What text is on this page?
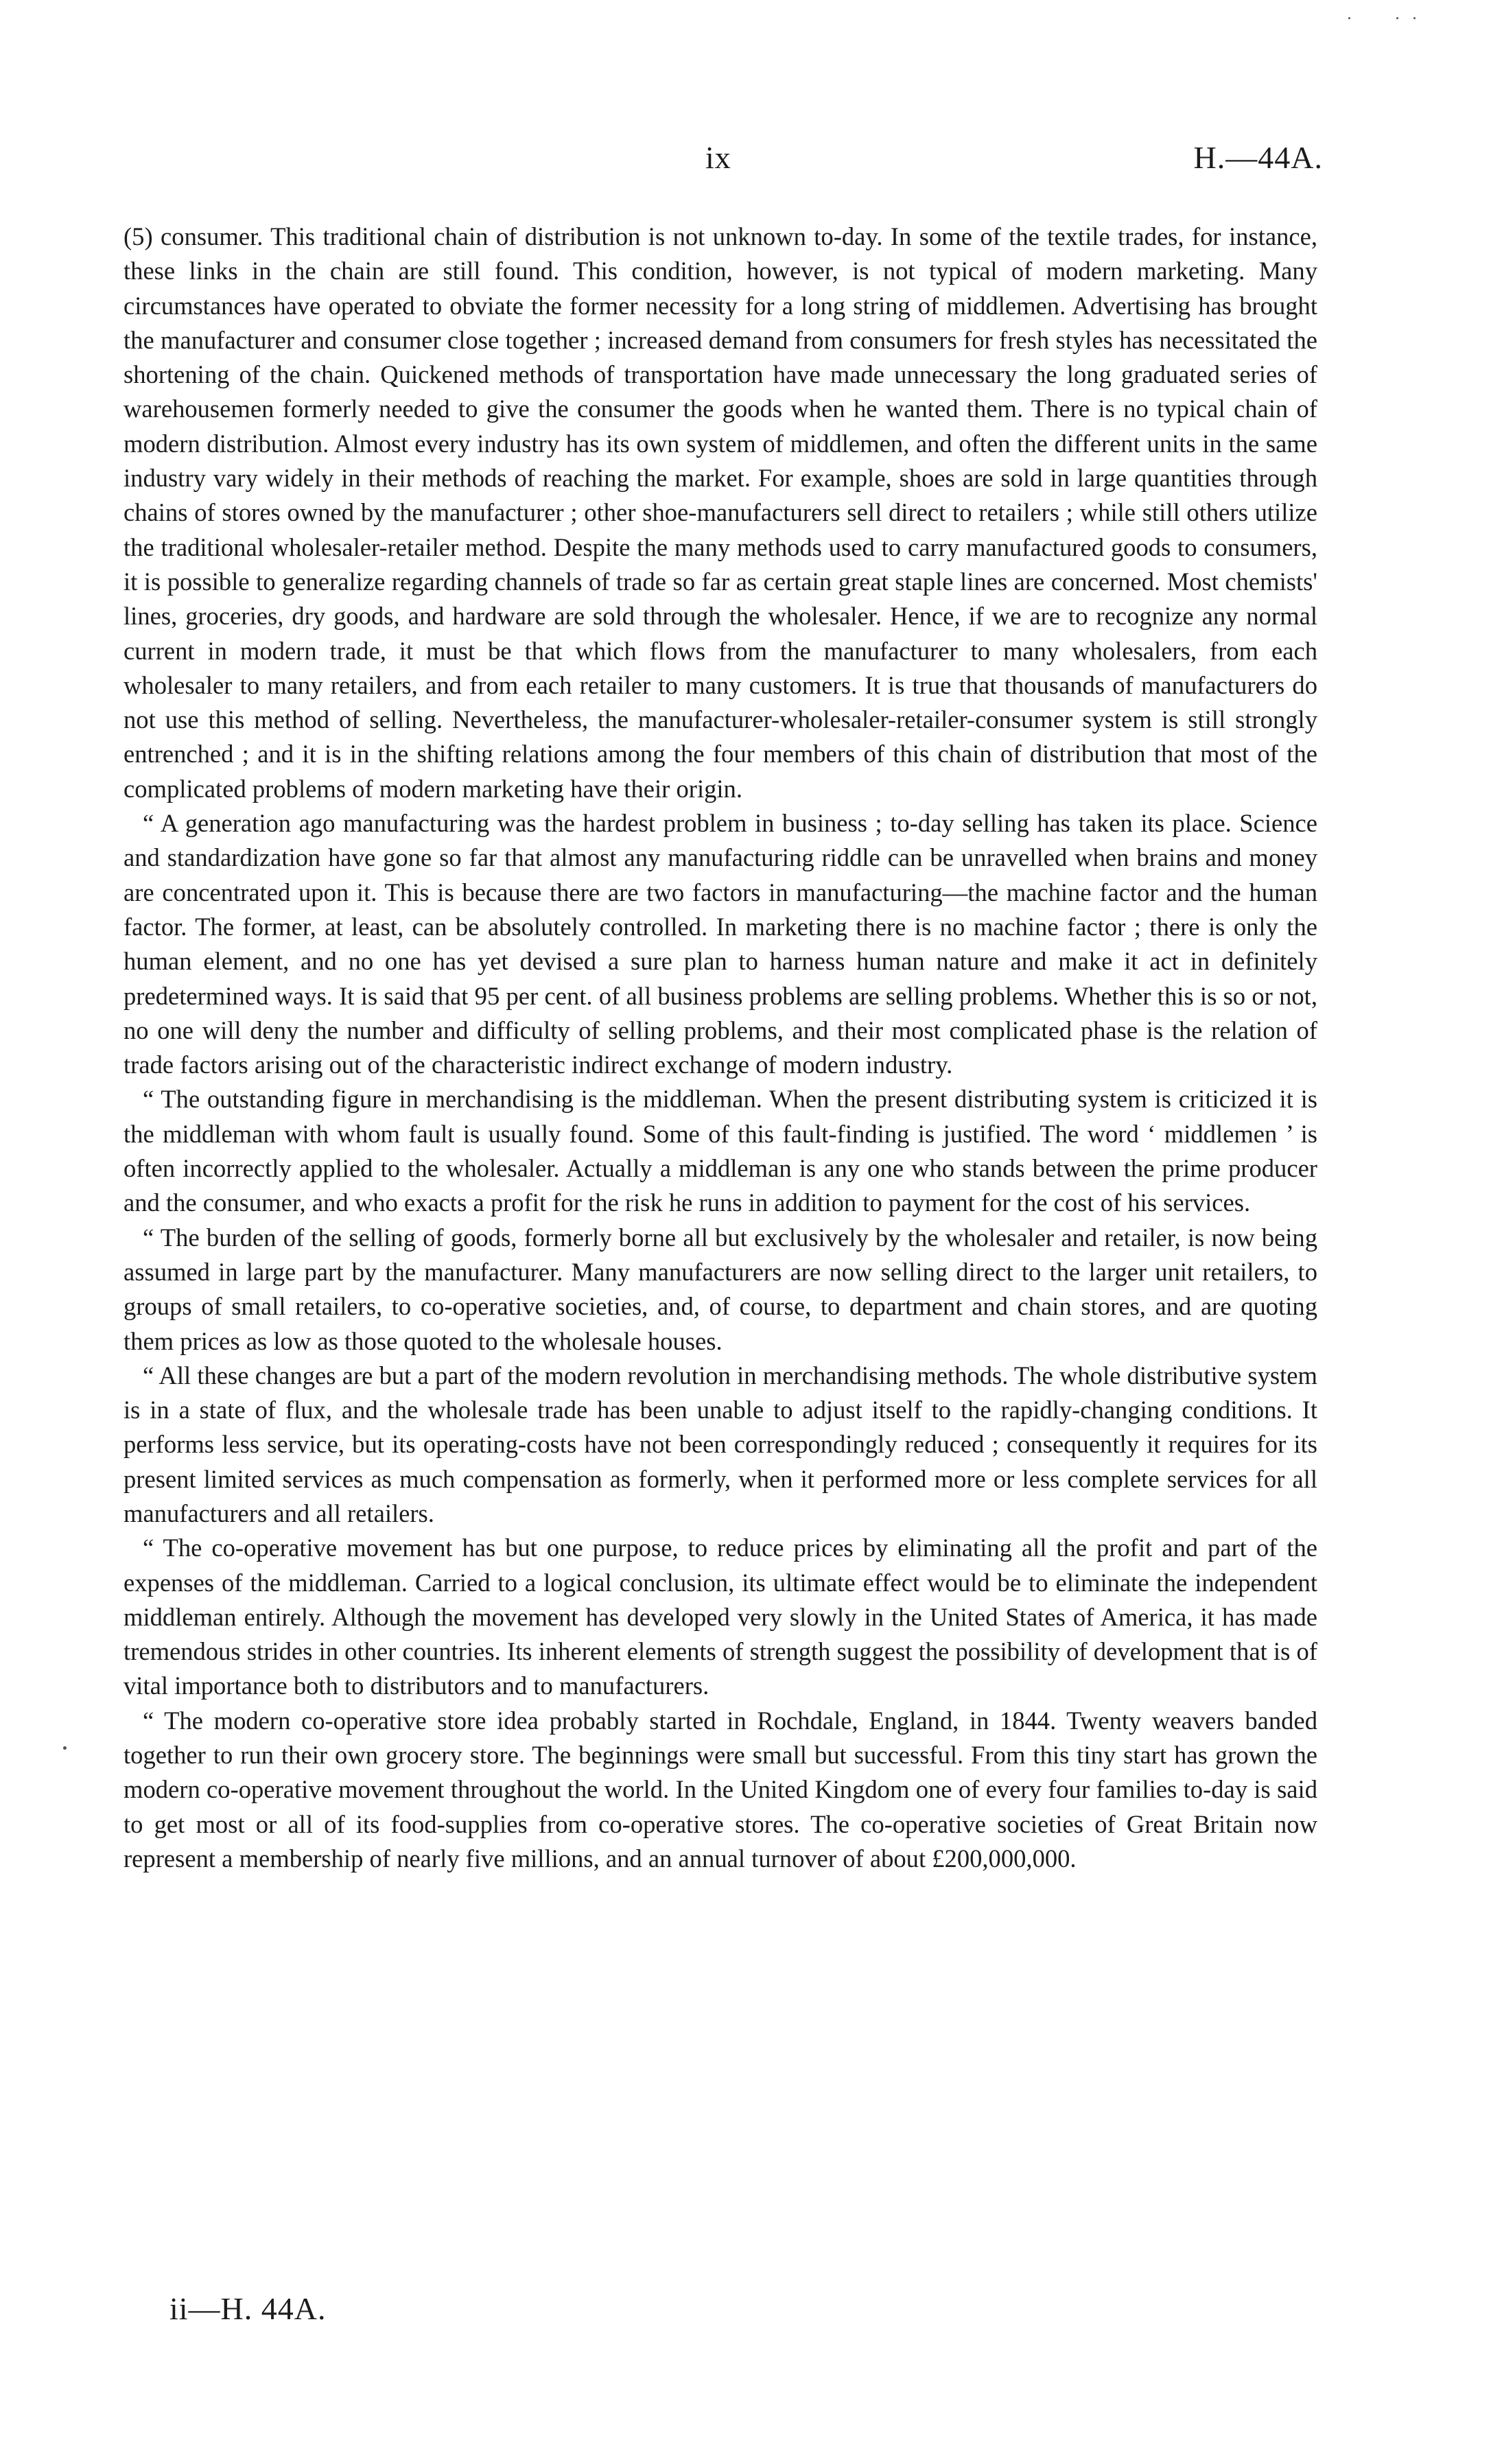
ix	H.—44A.

(5) consumer. This traditional chain of distribution is not unknown to-day. In some of the textile trades, for instance, these links in the chain are still found. This condition, however, is not typical of modern marketing. Many circumstances have operated to obviate the former necessity for a long string of middlemen. Advertising has brought the manufacturer and consumer close together ; increased demand from consumers for fresh styles has necessitated the shortening of the chain. Quickened methods of transportation have made unnecessary the long graduated series of warehousemen formerly needed to give the consumer the goods when he wanted them. There is no typical chain of modern distribution. Almost every industry has its own system of middlemen, and often the different units in the same industry vary widely in their methods of reaching the market. For example, shoes are sold in large quantities through chains of stores owned by the manufacturer ; other shoe-manufacturers sell direct to retailers ; while still others utilize the traditional wholesaler-retailer method. Despite the many methods used to carry manufactured goods to consumers, it is possible to generalize regarding channels of trade so far as certain great staple lines are concerned. Most chemists' lines, groceries, dry goods, and hardware are sold through the wholesaler. Hence, if we are to recognize any normal current in modern trade, it must be that which flows from the manufacturer to many wholesalers, from each wholesaler to many retailers, and from each retailer to many customers. It is true that thousands of manufacturers do not use this method of selling. Nevertheless, the manufacturer-wholesaler-retailer-consumer system is still strongly entrenched ; and it is in the shifting relations among the four members of this chain of distribution that most of the complicated problems of modern marketing have their origin.

“ A generation ago manufacturing was the hardest problem in business ; to-day selling has taken its place. Science and standardization have gone so far that almost any manufacturing riddle can be unravelled when brains and money are concentrated upon it. This is because there are two factors in manufacturing—the machine factor and the human factor. The former, at least, can be absolutely controlled. In marketing there is no machine factor ; there is only the human element, and no one has yet devised a sure plan to harness human nature and make it act in definitely predetermined ways. It is said that 95 per cent. of all business problems are selling problems. Whether this is so or not, no one will deny the number and difficulty of selling problems, and their most complicated phase is the relation of trade factors arising out of the characteristic indirect exchange of modern industry.

“ The outstanding figure in merchandising is the middleman. When the present distributing system is criticized it is the middleman with whom fault is usually found. Some of this fault-finding is justified. The word ‘ middlemen ’ is often incorrectly applied to the wholesaler. Actually a middleman is any one who stands between the prime producer and the consumer, and who exacts a profit for the risk he runs in addition to payment for the cost of his services.

“ The burden of the selling of goods, formerly borne all but exclusively by the wholesaler and retailer, is now being assumed in large part by the manufacturer. Many manufacturers are now selling direct to the larger unit retailers, to groups of small retailers, to co-operative societies, and, of course, to department and chain stores, and are quoting them prices as low as those quoted to the wholesale houses.

“ All these changes are but a part of the modern revolution in merchandising methods. The whole distributive system is in a state of flux, and the wholesale trade has been unable to adjust itself to the rapidly-changing conditions. It performs less service, but its operating-costs have not been correspondingly reduced ; consequently it requires for its present limited services as much compensation as formerly, when it performed more or less complete services for all manufacturers and all retailers.

“ The co-operative movement has but one purpose, to reduce prices by eliminating all the profit and part of the expenses of the middleman. Carried to a logical conclusion, its ultimate effect would be to eliminate the independent middleman entirely. Although the movement has developed very slowly in the United States of America, it has made tremendous strides in other countries. Its inherent elements of strength suggest the possibility of development that is of vital importance both to distributors and to manufacturers.

“ The modern co-operative store idea probably started in Rochdale, England, in 1844. Twenty weavers banded together to run their own grocery store. The beginnings were small but successful. From this tiny start has grown the modern co-operative movement throughout the world. In the United Kingdom one of every four families to-day is said to get most or all of its food-supplies from co-operative stores. The co-operative societies of Great Britain now represent a membership of nearly five millions, and an annual turnover of about £200,000,000.

ii—H. 44A.
